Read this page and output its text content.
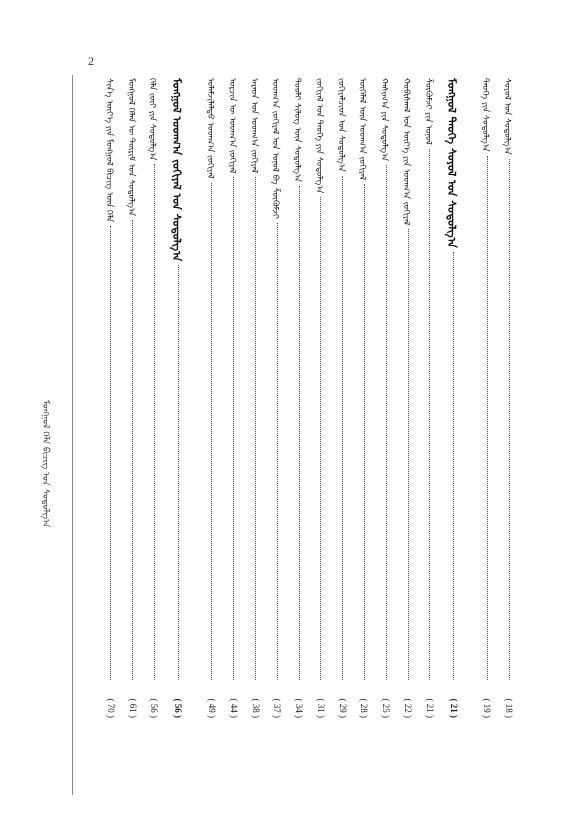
2
ᠮᠣᠩᠭᠣᠯ ᠬᠡᠯᠡ ᠪᠢᠴᠢᠭ ᠤᠨ ᠰᠤᠳᠤᠯᠭ᠎ᠠ
ᠰᠢᠨ᠎ᠡ ᠦᠶ᠎ᠡ ᠶᠢᠨ ᠮᠣᠩᠭᠣᠯ ᠪᠢᠴᠢᠭ ᠦᠨ ᠬᠡᠯᠡ
( 70 )
ᠮᠣᠩᠭᠣᠯ ᠬᠡᠯᠡᠨ ᠦ ᠳᠦᠷᠢᠮ ᠤᠨ ᠰᠤᠳᠤᠯᠭ᠎ᠠ
( 61 )
ᠬᠡᠯᠡ ᠵᠦᠢ ᠶᠢᠨ ᠰᠤᠳᠤᠯᠭ᠎ᠠ
( 56 )
ᠮᠣᠩᠭᠣᠯ ᠤᠳᠬ᠎ᠠ ᠵᠣᠬᠢᠶᠠᠯ ᠤᠨ ᠰᠤᠳᠤᠯᠭ᠎ᠠ
( 56 )
ᠤᠯᠠᠮᠵᠢᠯᠠᠯᠲᠤ ᠤᠳᠬ᠎ᠠ ᠵᠣᠬᠢᠶᠠᠯ
( 49 )
ᠣᠷᠴᠢᠨ ᠦ ᠤᠳᠬ᠎ᠠ ᠵᠣᠬᠢᠶᠠᠯ
( 44 )
ᠠᠷᠠᠳ ᠤᠨ ᠤᠳᠬ᠎ᠠ ᠵᠣᠬᠢᠶᠠᠯ
( 38 )
ᠤᠳᠬ᠎ᠠ ᠵᠣᠬᠢᠶᠠᠯ ᠤᠨ ᠣᠨᠣᠯ ᠪᠠ ᠱᠦᠭᠦᠮᠵᠢ
( 37 )
ᠳᠤᠤᠯᠢ ᠰᠢᠯᠦᠭ ᠦᠨ ᠰᠤᠳᠤᠯᠭ᠎ᠠ
( 34 )
ᠵᠣᠬᠢᠶᠠᠯ ᠤᠨ ᠲᠡᠦᠬᠡ ᠶᠢᠨ ᠰᠤᠳᠤᠯᠭ᠎ᠠ
( 31 )
ᠵᠣᠬᠢᠶᠠᠯᠴᠢᠳ ᠤᠨ ᠰᠤᠳᠤᠯᠭ᠎ᠠ
( 29 )
ᠦᠭᠡᠯᠡᠯ ᠦᠨ ᠤᠳᠬ᠎ᠠ ᠵᠣᠬᠢᠶᠠᠯ
( 28 )
ᠬᠠᠰᠢᠭ᠎ᠠ ᠶᠢᠨ ᠰᠤᠳᠤᠯᠭ᠎ᠠ
( 25 )
ᠬᠤᠪᠢᠰᠬᠠᠯ ᠤᠨ ᠦᠶ᠎ᠡ ᠶᠢᠨ ᠤᠳᠬ᠎ᠠ ᠵᠣᠬᠢᠶᠠᠯ
( 22 )
ᠱᠦᠭᠦᠮᠵᠢ ᠶᠢᠨ ᠣᠨᠣᠯ
( 21 )
ᠮᠣᠩᠭᠣᠯ ᠲᠡᠦᠬᠡ ᠰᠣᠶᠣᠯ ᠤᠨ ᠰᠤᠳᠤᠯᠭ᠎ᠠ
( 21 )
ᠲᠡᠦᠬᠡ ᠶᠢᠨ ᠰᠤᠳᠤᠯᠭ᠎ᠠ
( 19 )
ᠰᠣᠶᠣᠯ ᠤᠨ ᠰᠤᠳᠤᠯᠭ᠎ᠠ
( 18 )
